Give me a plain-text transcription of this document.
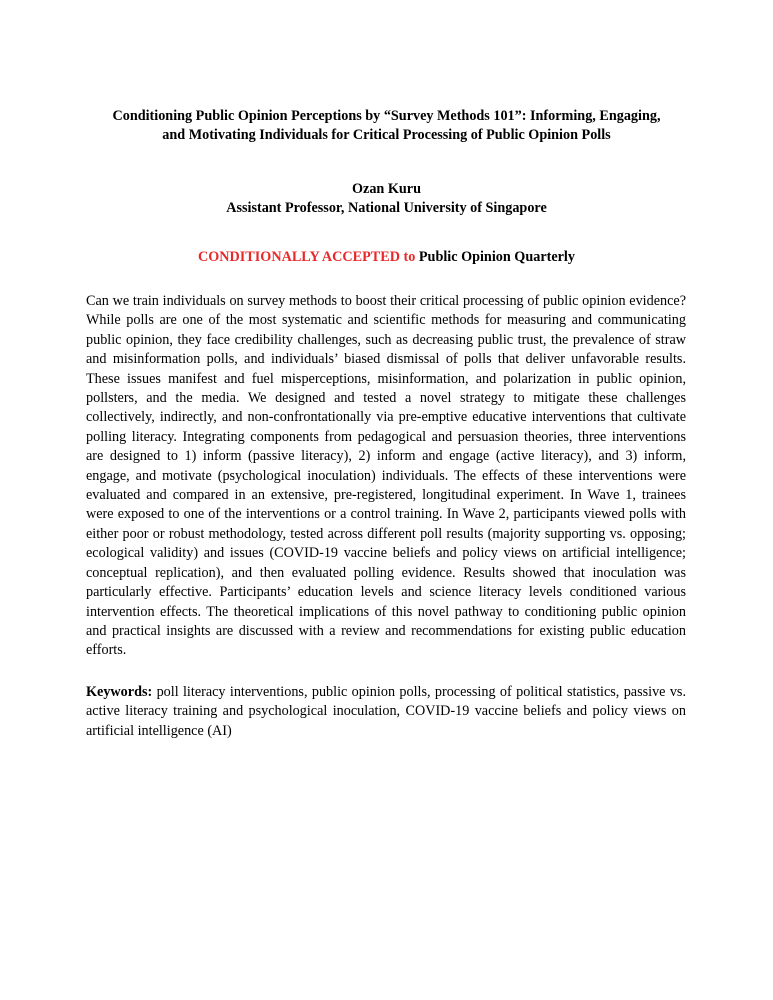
Conditioning Public Opinion Perceptions by “Survey Methods 101”: Informing, Engaging,
and Motivating Individuals for Critical Processing of Public Opinion Polls
Ozan Kuru
Assistant Professor, National University of Singapore
CONDITIONALLY ACCEPTED to Public Opinion Quarterly

Can we train individuals on survey methods to boost their critical processing of public opinion evidence? While polls are one of the most systematic and scientific methods for measuring and communicating public opinion, they face credibility challenges, such as decreasing public trust, the prevalence of straw and misinformation polls, and individuals’ biased dismissal of polls that deliver unfavorable results. These issues manifest and fuel misperceptions, misinformation, and polarization in public opinion, pollsters, and the media. We designed and tested a novel strategy to mitigate these challenges collectively, indirectly, and non-confrontationally via pre-emptive educative interventions that cultivate polling literacy. Integrating components from pedagogical and persuasion theories, three interventions are designed to 1) inform (passive literacy), 2) inform and engage (active literacy), and 3) inform, engage, and motivate (psychological inoculation) individuals. The effects of these interventions were evaluated and compared in an extensive, pre-registered, longitudinal experiment. In Wave 1, trainees were exposed to one of the interventions or a control training. In Wave 2, participants viewed polls with either poor or robust methodology, tested across different poll results (majority supporting vs. opposing; ecological validity) and issues (COVID-19 vaccine beliefs and policy views on artificial intelligence; conceptual replication), and then evaluated polling evidence. Results showed that inoculation was particularly effective. Participants’ education levels and science literacy levels conditioned various intervention effects. The theoretical implications of this novel pathway to conditioning public opinion and practical insights are discussed with a review and recommendations for existing public education efforts.

Keywords: poll literacy interventions, public opinion polls, processing of political statistics, passive vs. active literacy training and psychological inoculation, COVID-19 vaccine beliefs and policy views on artificial intelligence (AI)
